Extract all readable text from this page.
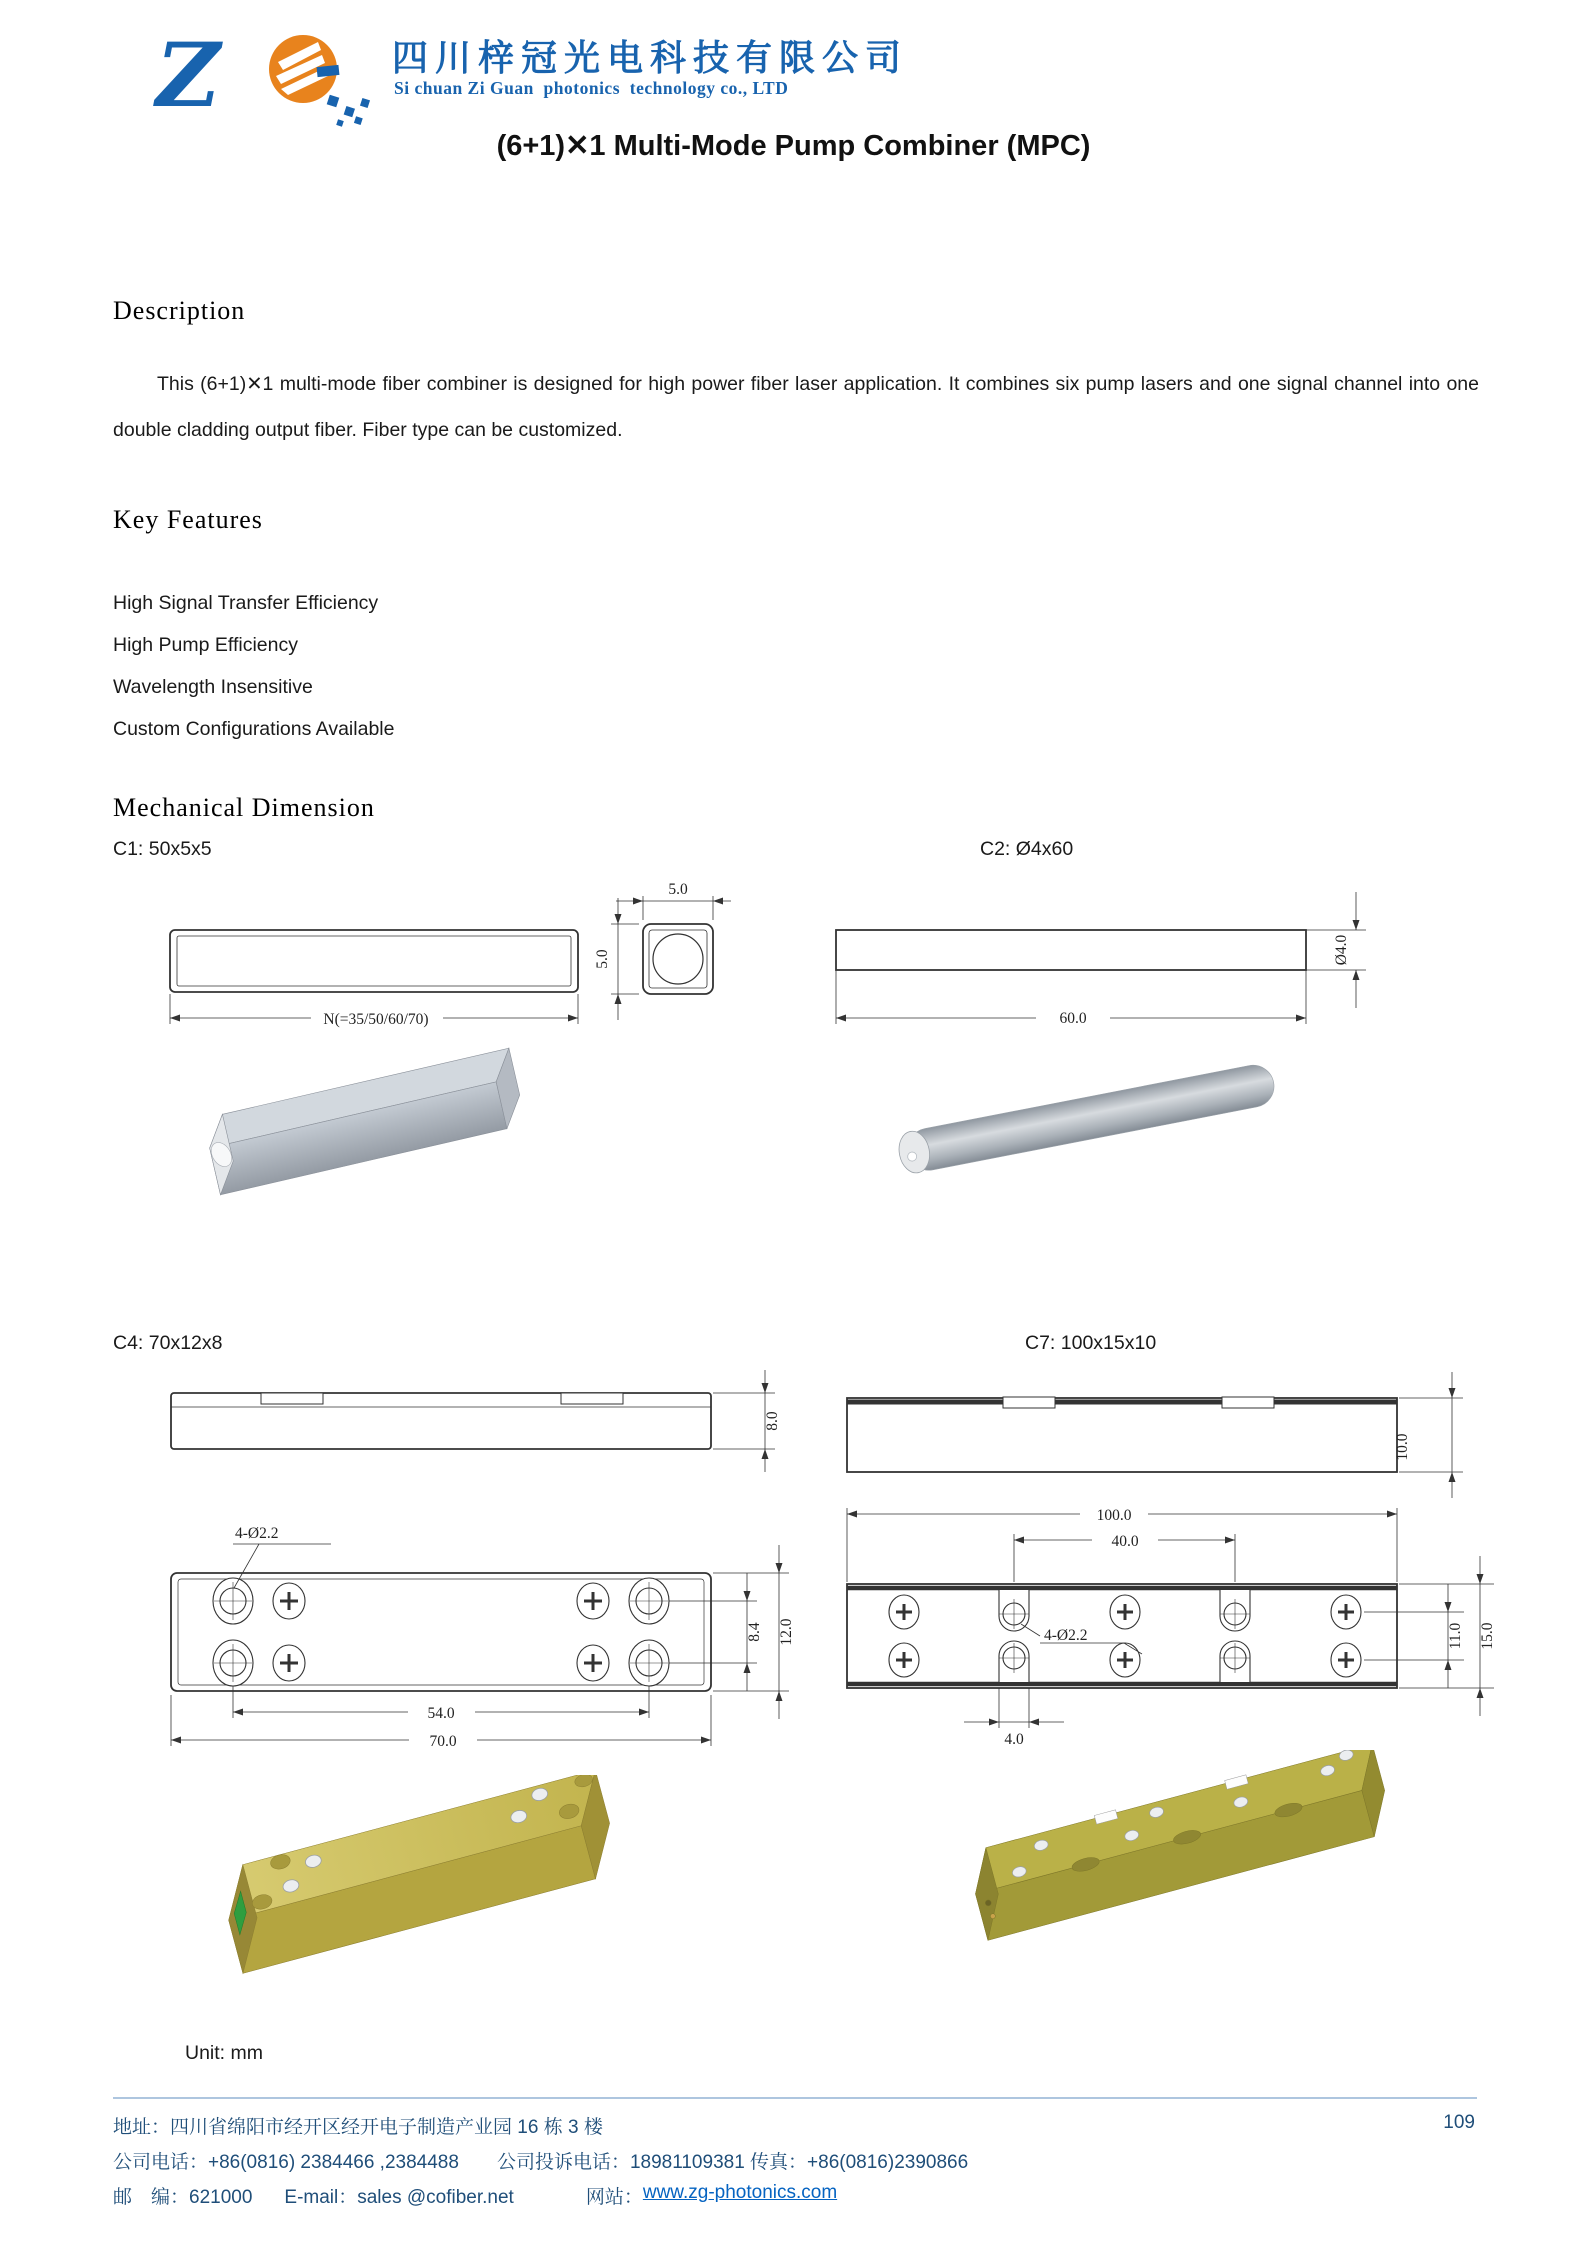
Z	四川梓冠光电科技有限公司
Si chuan Zi Guan  photonics  technology co., LTD
(6+1)✕1 Multi-Mode Pump Combiner (MPC)
Description

This (6+1)✕1 multi-mode fiber combiner is designed for high power fiber laser application. It combines six pump lasers and one signal channel into one double cladding output fiber. Fiber type can be customized.

Key Features
High Signal Transfer Efficiency
High Pump Efficiency
Wavelength Insensitive
Custom Configurations Available
Mechanical Dimension
C1: 50x5x5	C2: Ø4x60
N(=35/50/60/70)
5.0
5.0
60.0
Ø4.0
C4: 70x12x8	C7: 100x15x10
4-Ø2.2
8.0
8.4 12.0
54.0
70.0
10.0
100.0
40.0
4-Ø2.2	11.0 15.0
4.0
Unit: mm
地址：四川省绵阳市经开区经开电子制造产业园 16 栋 3 楼	109
公司电话：+86(0816) 2384466 ,2384488 公司投诉电话：18981109381 传真：+86(0816)2390866
邮　编：621000 E-mail：sales @cofiber.net	网站： www.zg-photonics.com
